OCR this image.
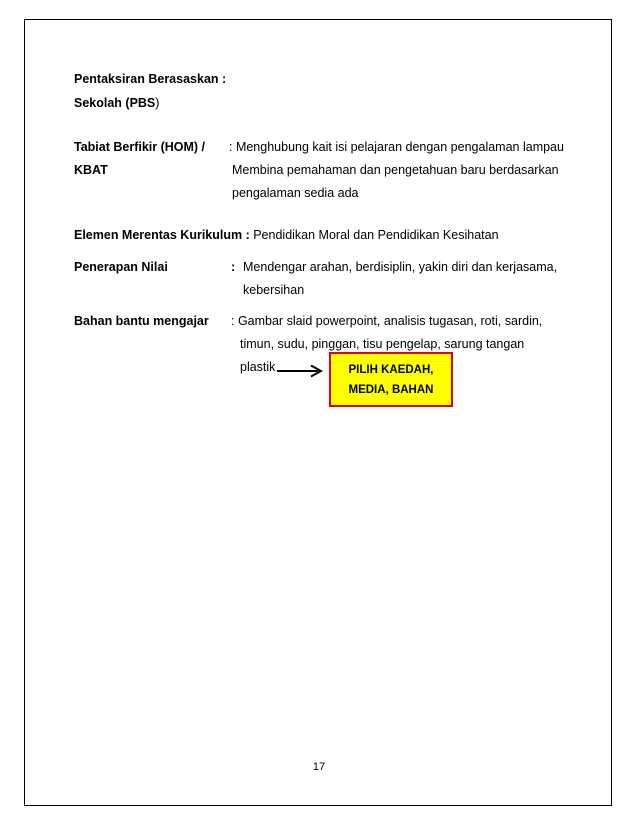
Pentaksiran Berasaskan :
Sekolah (PBS)
Tabiat Berfikir (HOM) /
KBAT
: Menghubung kait isi pelajaran dengan pengalaman lampau
Membina pemahaman dan pengetahuan baru berdasarkan
pengalaman sedia ada
Elemen Merentas Kurikulum : Pendidikan Moral dan Pendidikan Kesihatan
Penerapan Nilai	: Mendengar arahan, berdisiplin, yakin diri dan kerjasama,
kebersihan
Bahan bantu mengajar : Gambar slaid powerpoint, analisis tugasan, roti, sardin,
timun, sudu, pinggan, tisu pengelap, sarung tangan
plastik	PILIH KAEDAH,
MEDIA, BAHAN
17
